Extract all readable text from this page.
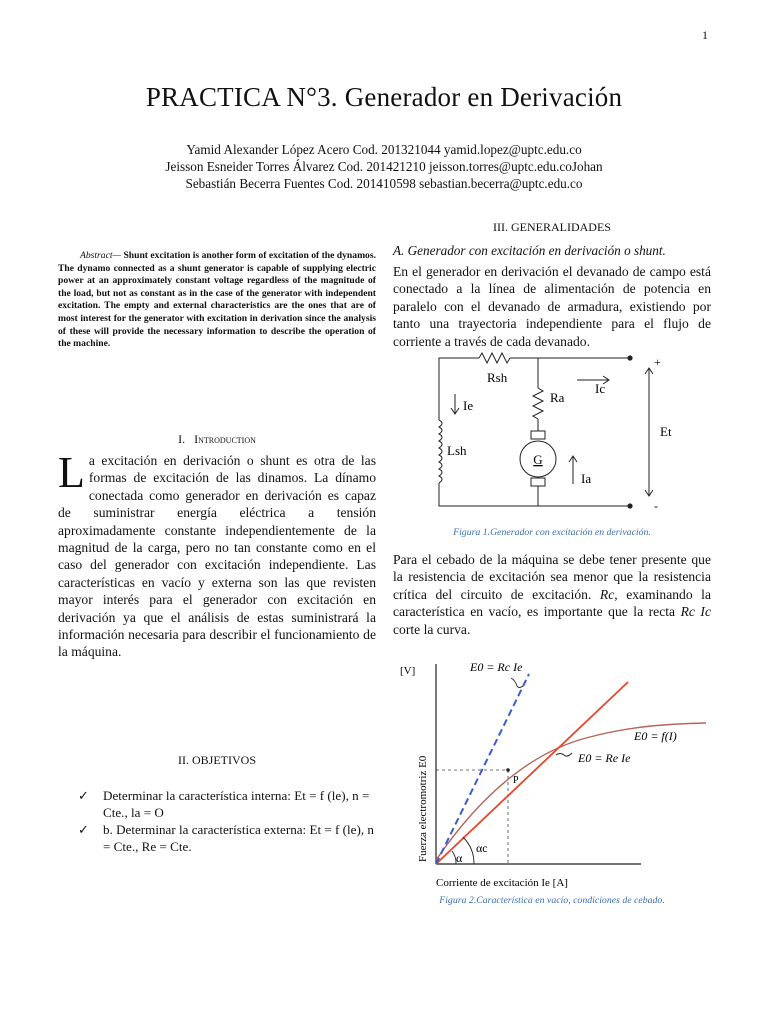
1
PRACTICA N°3. Generador en Derivación
Yamid Alexander López Acero Cod. 201321044 yamid.lopez@uptc.edu.co
Jeisson Esneider Torres Álvarez Cod. 201421210 jeisson.torres@uptc.edu.coJohan
Sebastián Becerra Fuentes Cod. 201410598 sebastian.becerra@uptc.edu.co
Abstract— Shunt excitation is another form of excitation of the dynamos. The dynamo connected as a shunt generator is capable of supplying electric power at an approximately constant voltage regardless of the magnitude of the load, but not as constant as in the case of the generator with independent excitation. The empty and external characteristics are the ones that are of most interest for the generator with excitation in derivation since the analysis of these will provide the necessary information to describe the operation of the machine.
I. Introduction
La excitación en derivación o shunt es otra de las formas de excitación de las dinamos. La dínamo conectada como generador en derivación es capaz de suministrar energía eléctrica a tensión aproximadamente constante independientemente de la magnitud de la carga, pero no tan constante como en el caso del generador con excitación independiente. Las características en vacío y externa son las que revisten mayor interés para el generador con excitación en derivación ya que el análisis de estas suministrará la información necesaria para describir el funcionamiento de la máquina.
II. OBJETIVOS
✓ Determinar la característica interna: Et = f (le), n = Cte., la = O
✓ b. Determinar la característica externa: Et = f (le), n = Cte., Re = Cte.
III. GENERALIDADES
A. Generador con excitación en derivación o shunt.
En el generador en derivación el devanado de campo está conectado a la línea de alimentación de potencia en paralelo con el devanado de armadura, existiendo por tanto una trayectoria independiente para el flujo de corriente a través de cada devanado.
Rsh
Ra
Ic
Ie
Lsh
G
Ia
Et
+
-
Figura 1.Generador con excitación en derivación.
Para el cebado de la máquina se debe tener presente que la resistencia de excitación sea menor que la resistencia crítica del circuito de excitación. Rc, examinando la característica en vacío, es importante que la recta Rc Ic corte la curva.
[V]
Fuerza electromotriz E0
Corriente de excitación Ie [A]
E0 = Rc Ie
E0 = f(I)
E0 = Re Ie
P
α
αc
Figura 2.Característica en vacío, condiciones de cebado.
